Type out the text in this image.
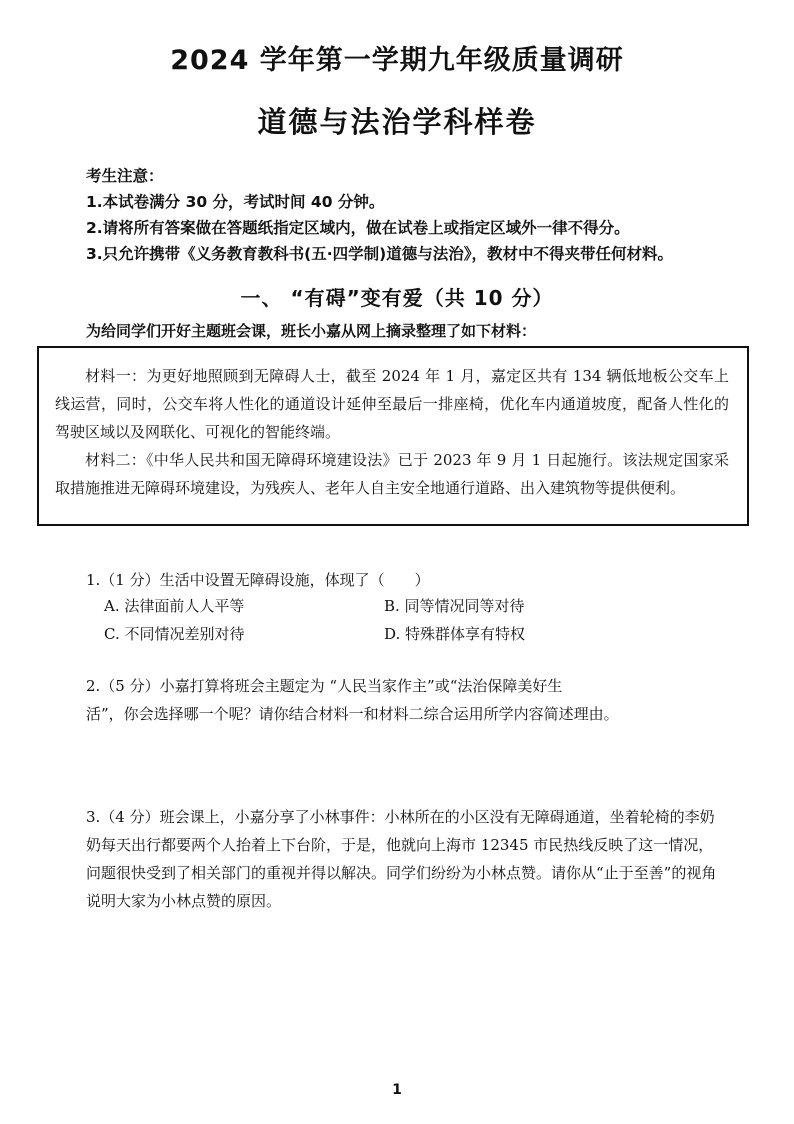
2024 学年第一学期九年级质量调研
道德与法治学科样卷
考生注意：
1.本试卷满分 30 分，考试时间 40 分钟。
2.请将所有答案做在答题纸指定区域内，做在试卷上或指定区域外一律不得分。
3.只允许携带《义务教育教科书(五·四学制)道德与法治》，教材中不得夹带任何材料。
一、 “有碍”变有爱（共 10 分）
为给同学们开好主题班会课，班长小嘉从网上摘录整理了如下材料：

材料一：为更好地照顾到无障碍人士，截至 2024 年 1 月，嘉定区共有 134 辆低地板公交车上线运营，同时，公交车将人性化的通道设计延伸至最后一排座椅，优化车内通道坡度，配备人性化的驾驶区域以及网联化、可视化的智能终端。

材料二：《中华人民共和国无障碍环境建设法》已于 2023 年 9 月 1 日起施行。该法规定国家采取措施推进无障碍环境建设，为残疾人、老年人自主安全地通行道路、出入建筑物等提供便利。

1.（1 分）生活中设置无障碍设施，体现了（　　）
A. 法律面前人人平等	B. 同等情况同等对待
C. 不同情况差别对待	D. 特殊群体享有特权
2.（5 分）小嘉打算将班会主题定为 “人民当家作主”或“法治保障美好生
活”，你会选择哪一个呢？请你结合材料一和材料二综合运用所学内容简述理由。

3.（4 分）班会课上，小嘉分享了小林事件：小林所在的小区没有无障碍通道，坐着轮椅的李奶奶每天出行都要两个人抬着上下台阶，于是，他就向上海市 12345 市民热线反映了这一情况，问题很快受到了相关部门的重视并得以解决。同学们纷纷为小林点赞。请你从“止于至善”的视角说明大家为小林点赞的原因。

1
